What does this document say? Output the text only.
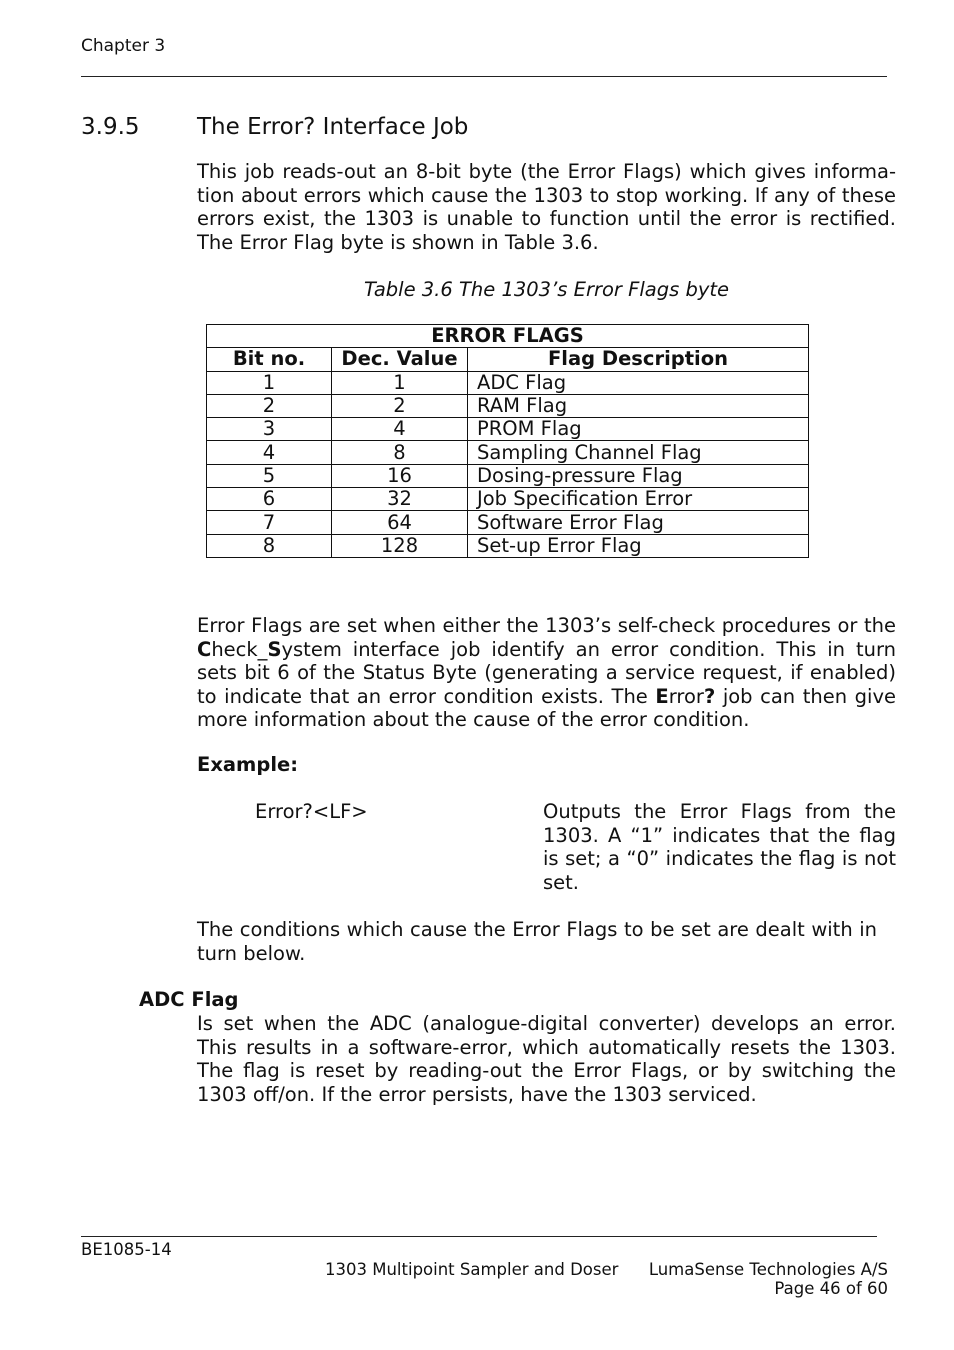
Chapter 3
3.9.5 The Error? Interface Job
This job reads-out an 8-bit byte (the Error Flags) which gives informa-tion about errors which cause the 1303 to stop working. If any of these errors exist, the 1303 is unable to function until the error is rectified. The Error Flag byte is shown in Table 3.6.
Table 3.6 The 1303’s Error Flags byte
ERROR FLAGS		
Bit no.	Dec. Value	Flag Description
1	1	ADC Flag
2	2	RAM Flag
3	4	PROM Flag
4	8	Sampling Channel Flag
5	16	Dosing-pressure Flag
6	32	Job Specification Error
7	64	Software Error Flag
8	128	Set-up Error Flag
Error Flags are set when either the 1303’s self-check procedures or the Check_System interface job identify an error condition. This in turn sets bit 6 of the Status Byte (generating a service request, if enabled) to indicate that an error condition exists. The Error? job can then give more information about the cause of the error condition.
Example:
Error?<LF>	Outputs the Error Flags from the 1303. A “1” indicates that the flag is set; a “0” indicates the flag is not set.
The conditions which cause the Error Flags to be set are dealt with in turn below.
ADC Flag
Is set when the ADC (analogue-digital converter) develops an error. This results in a software-error, which automatically resets the 1303. The flag is reset by reading-out the Error Flags, or by switching the 1303 off/on. If the error persists, have the 1303 serviced.
BE1085-14
1303 Multipoint Sampler and Doser LumaSense Technologies A/S
Page 46 of 60
